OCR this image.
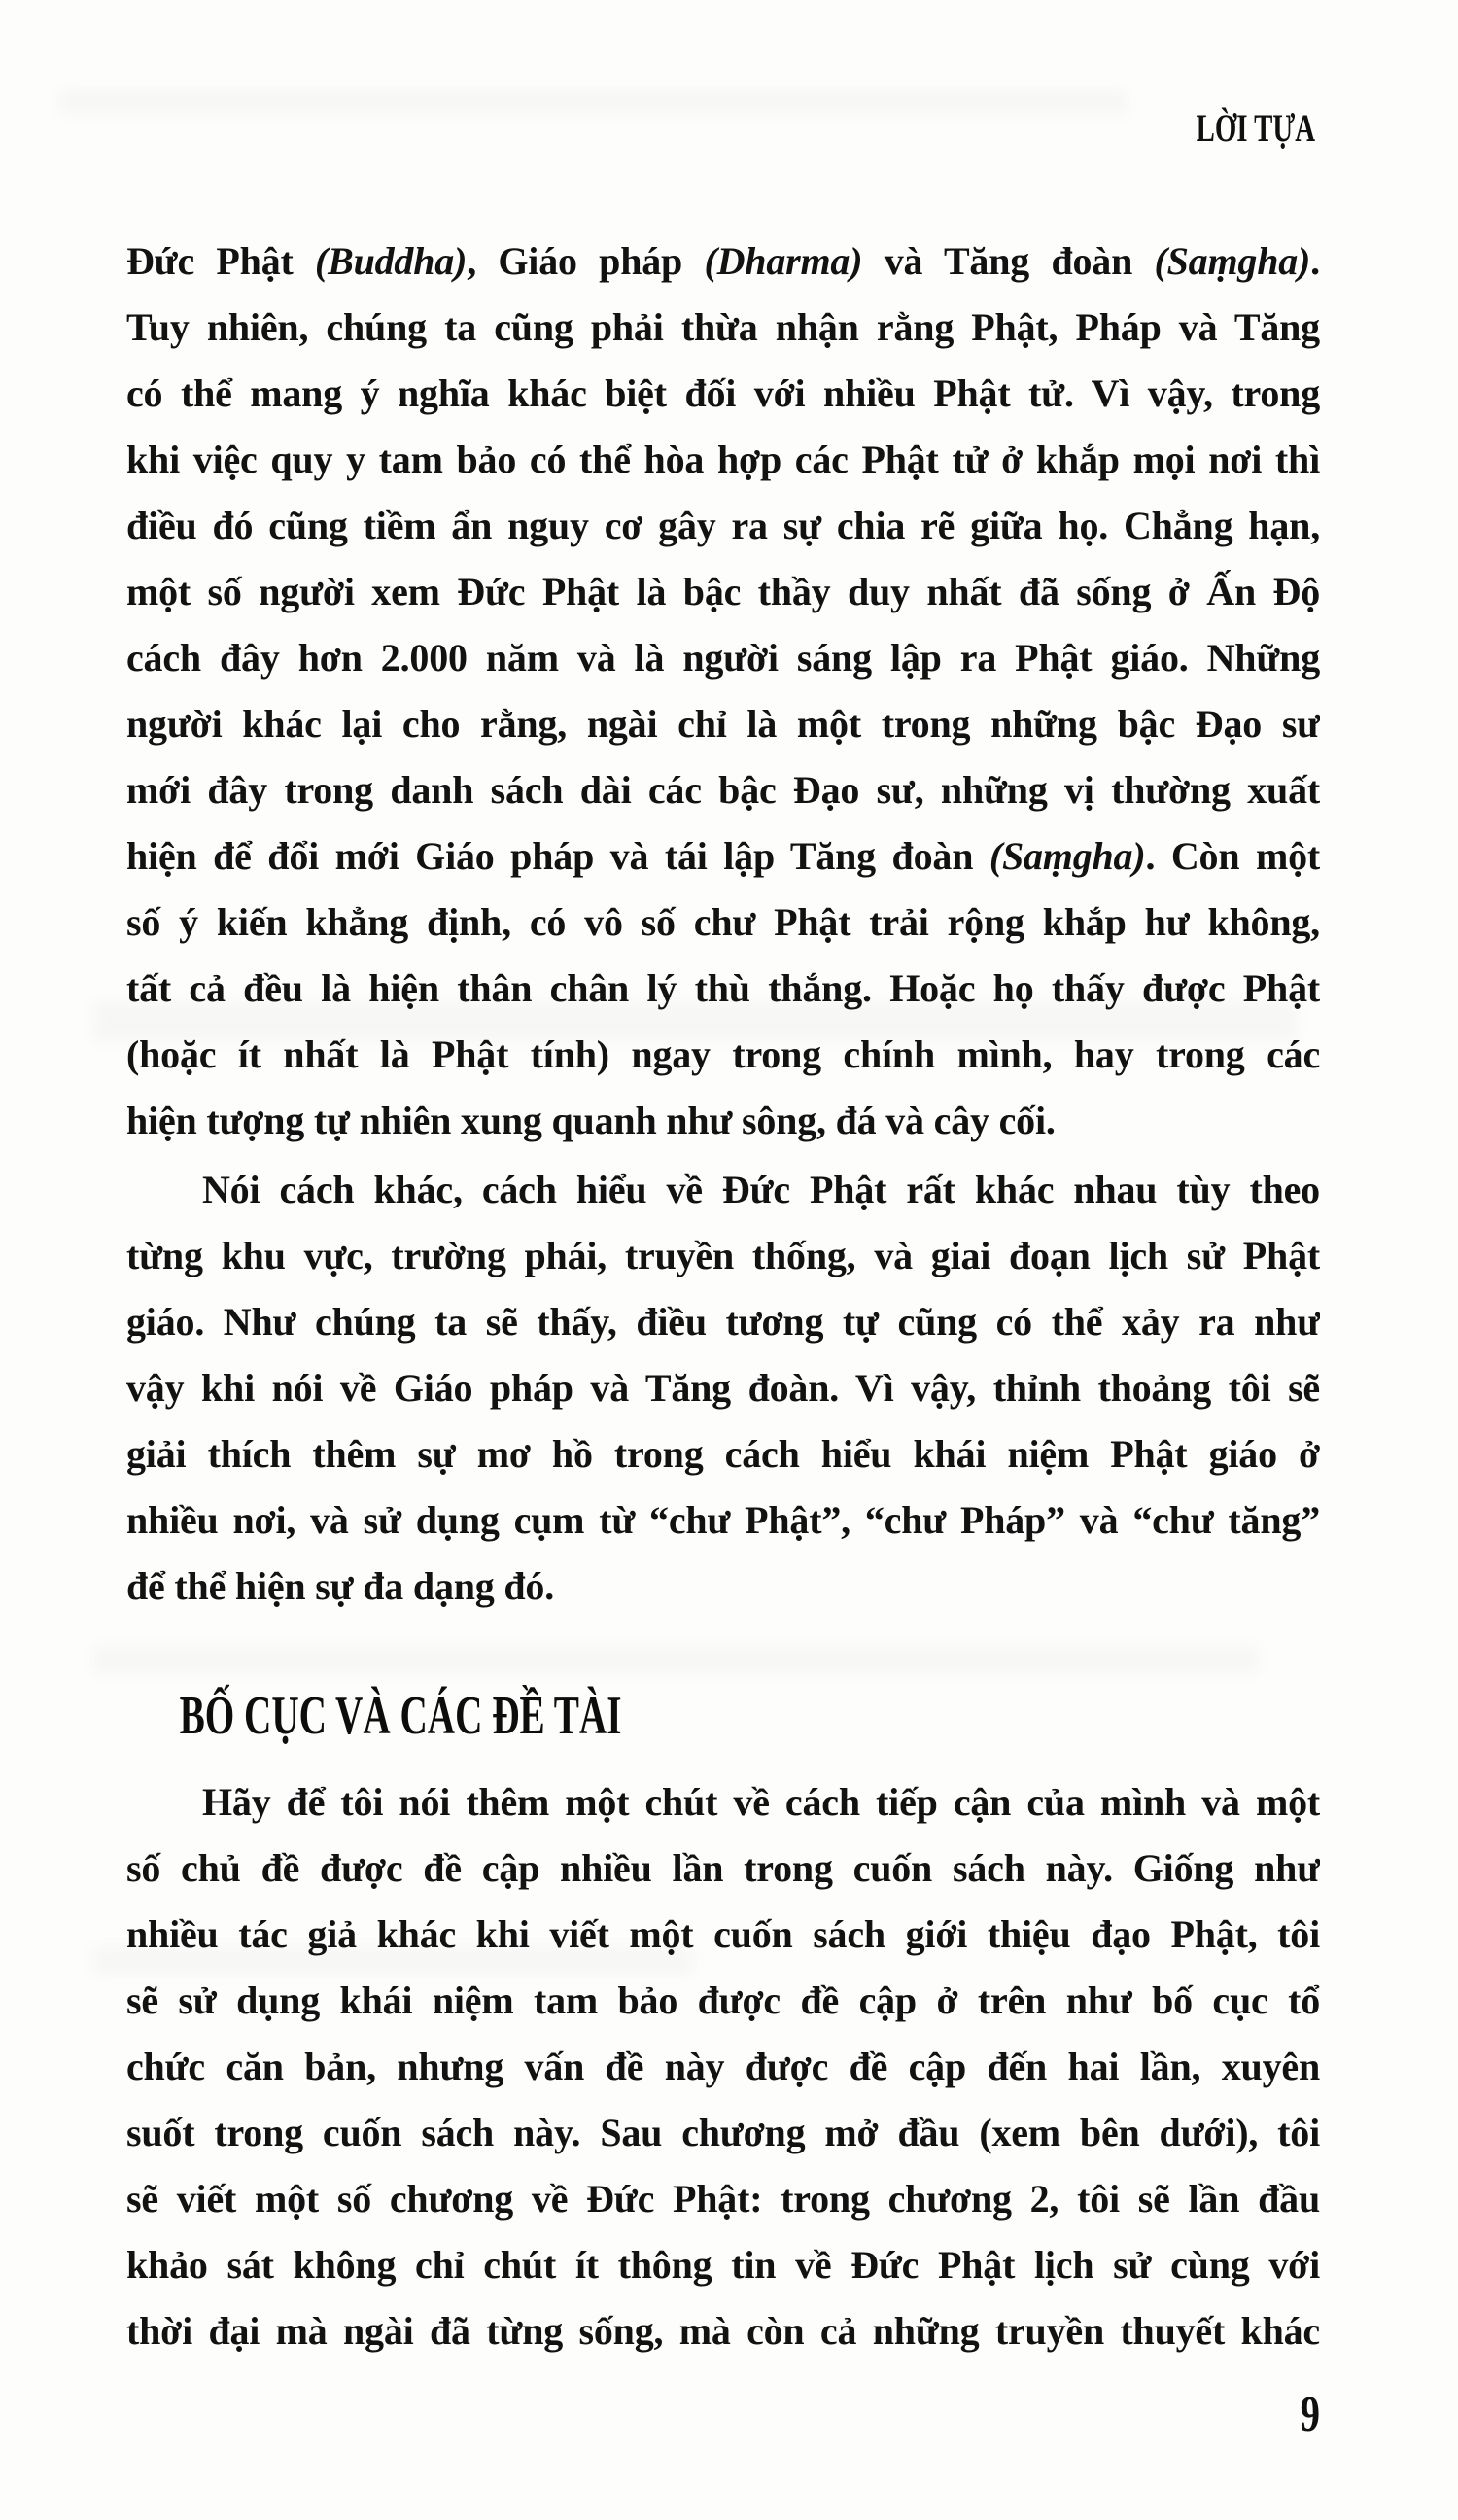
LỜI TỰA
Đức Phật (Buddha), Giáo pháp (Dharma) và Tăng đoàn (Saṃgha).
Tuy nhiên, chúng ta cũng phải thừa nhận rằng Phật, Pháp và Tăng
có thể mang ý nghĩa khác biệt đối với nhiều Phật tử. Vì vậy, trong
khi việc quy y tam bảo có thể hòa hợp các Phật tử ở khắp mọi nơi thì
điều đó cũng tiềm ẩn nguy cơ gây ra sự chia rẽ giữa họ. Chẳng hạn,
một số người xem Đức Phật là bậc thầy duy nhất đã sống ở Ấn Độ
cách đây hơn 2.000 năm và là người sáng lập ra Phật giáo. Những
người khác lại cho rằng, ngài chỉ là một trong những bậc Đạo sư
mới đây trong danh sách dài các bậc Đạo sư, những vị thường xuất
hiện để đổi mới Giáo pháp và tái lập Tăng đoàn (Saṃgha). Còn một
số ý kiến khẳng định, có vô số chư Phật trải rộng khắp hư không,
tất cả đều là hiện thân chân lý thù thắng. Hoặc họ thấy được Phật
(hoặc ít nhất là Phật tính) ngay trong chính mình, hay trong các
hiện tượng tự nhiên xung quanh như sông, đá và cây cối.
Nói cách khác, cách hiểu về Đức Phật rất khác nhau tùy theo
từng khu vực, trường phái, truyền thống, và giai đoạn lịch sử Phật
giáo. Như chúng ta sẽ thấy, điều tương tự cũng có thể xảy ra như
vậy khi nói về Giáo pháp và Tăng đoàn. Vì vậy, thỉnh thoảng tôi sẽ
giải thích thêm sự mơ hồ trong cách hiểu khái niệm Phật giáo ở
nhiều nơi, và sử dụng cụm từ “chư Phật”, “chư Pháp” và “chư tăng”
để thể hiện sự đa dạng đó.
BỐ CỤC VÀ CÁC ĐỀ TÀI
Hãy để tôi nói thêm một chút về cách tiếp cận của mình và một
số chủ đề được đề cập nhiều lần trong cuốn sách này. Giống như
nhiều tác giả khác khi viết một cuốn sách giới thiệu đạo Phật, tôi
sẽ sử dụng khái niệm tam bảo được đề cập ở trên như bố cục tổ
chức căn bản, nhưng vấn đề này được đề cập đến hai lần, xuyên
suốt trong cuốn sách này. Sau chương mở đầu (xem bên dưới), tôi
sẽ viết một số chương về Đức Phật: trong chương 2, tôi sẽ lần đầu
khảo sát không chỉ chút ít thông tin về Đức Phật lịch sử cùng với
thời đại mà ngài đã từng sống, mà còn cả những truyền thuyết khác
9
